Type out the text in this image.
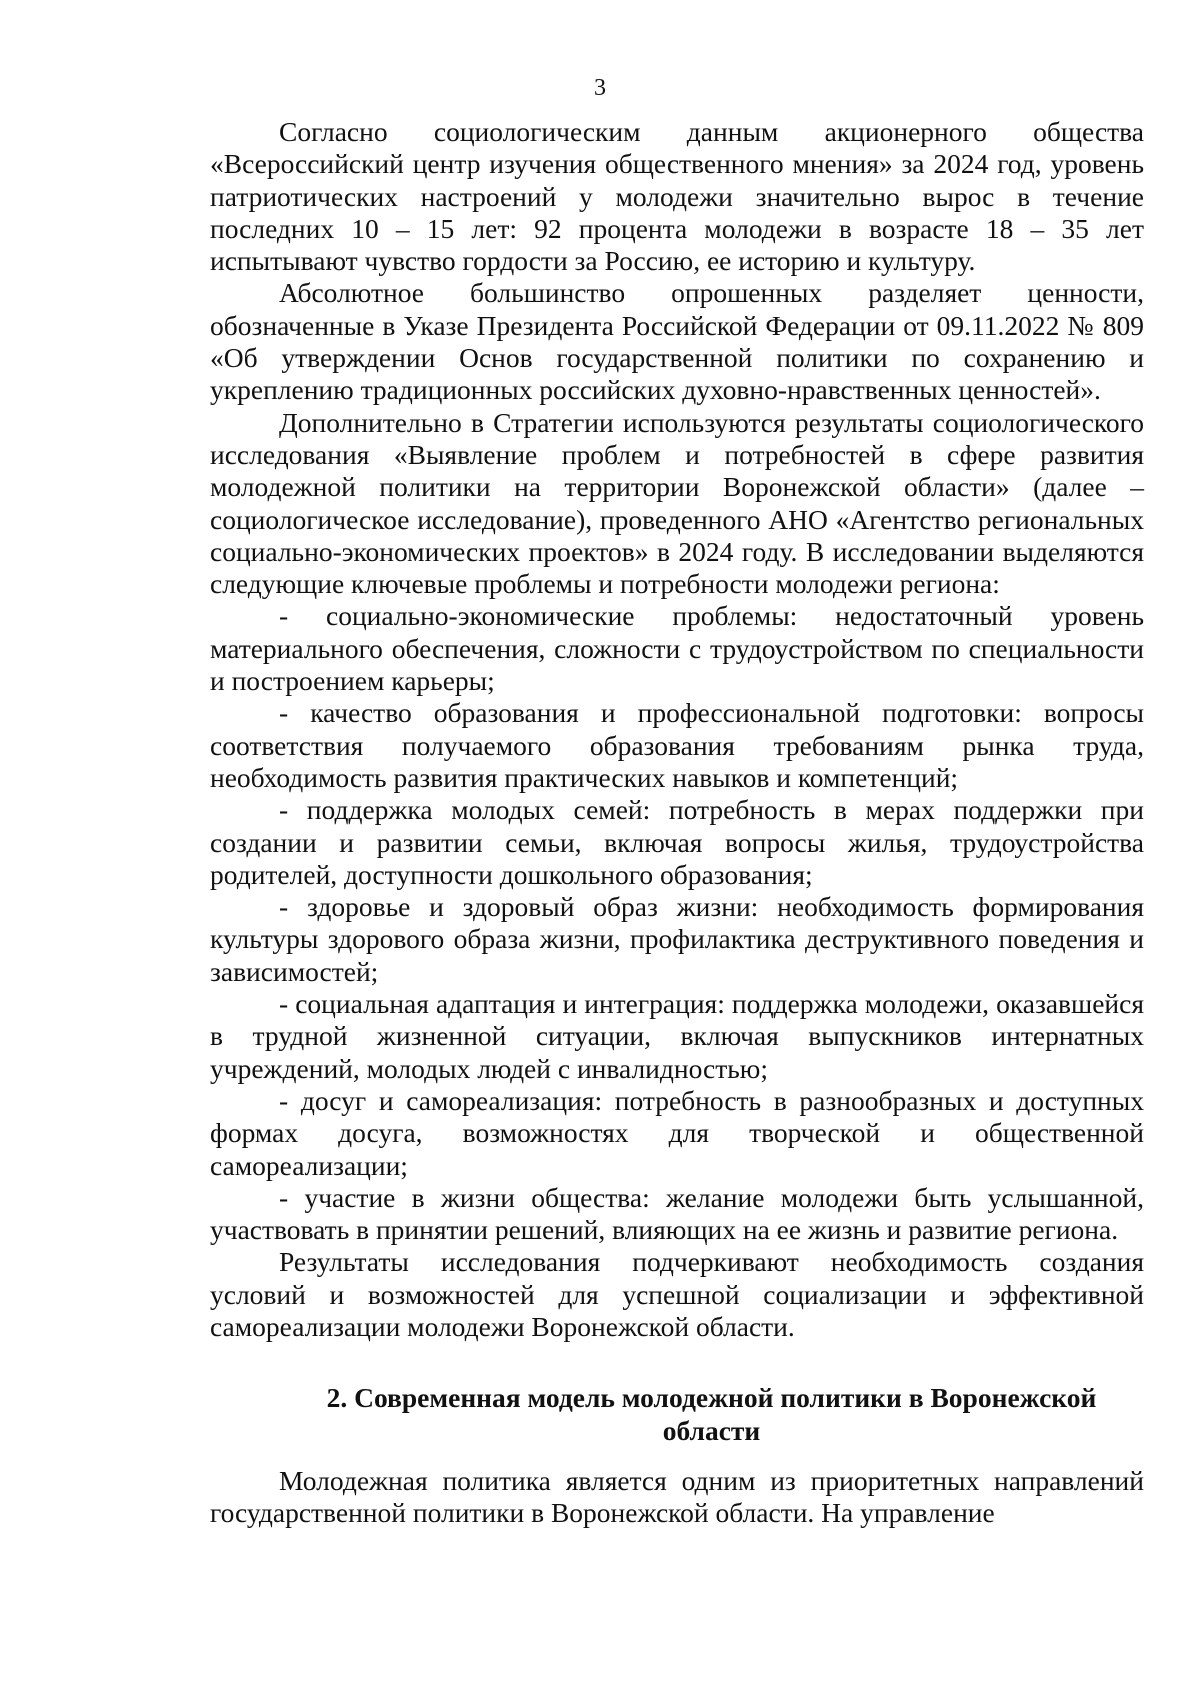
3

Согласно социологическим данным акционерного общества «Всероссийский центр изучения общественного мнения» за 2024 год, уровень патриотических настроений у молодежи значительно вырос в течение последних 10 – 15 лет: 92 процента молодежи в возрасте 18 – 35 лет испытывают чувство гордости за Россию, ее историю и культуру.

Абсолютное большинство опрошенных разделяет ценности, обозначенные в Указе Президента Российской Федерации от 09.11.2022 № 809 «Об утверждении Основ государственной политики по сохранению и укреплению традиционных российских духовно-нравственных ценностей».

Дополнительно в Стратегии используются результаты социологического исследования «Выявление проблем и потребностей в сфере развития молодежной политики на территории Воронежской области» (далее – социологическое исследование), проведенного АНО «Агентство региональных социально-экономических проектов» в 2024 году. В исследовании выделяются следующие ключевые проблемы и потребности молодежи региона:

- социально-экономические проблемы: недостаточный уровень материального обеспечения, сложности с трудоустройством по специальности и построением карьеры;

- качество образования и профессиональной подготовки: вопросы соответствия получаемого образования требованиям рынка труда, необходимость развития практических навыков и компетенций;

- поддержка молодых семей: потребность в мерах поддержки при создании и развитии семьи, включая вопросы жилья, трудоустройства родителей, доступности дошкольного образования;

- здоровье и здоровый образ жизни: необходимость формирования культуры здорового образа жизни, профилактика деструктивного поведения и зависимостей;

- социальная адаптация и интеграция: поддержка молодежи, оказавшейся в трудной жизненной ситуации, включая выпускников интернатных учреждений, молодых людей с инвалидностью;

- досуг и самореализация: потребность в разнообразных и доступных формах досуга, возможностях для творческой и общественной самореализации;

- участие в жизни общества: желание молодежи быть услышанной, участвовать в принятии решений, влияющих на ее жизнь и развитие региона.

Результаты исследования подчеркивают необходимость создания условий и возможностей для успешной социализации и эффективной самореализации молодежи Воронежской области.

2. Современная модель молодежной политики в Воронежской области

Молодежная политика является одним из приоритетных направлений государственной политики в Воронежской области. На управление
